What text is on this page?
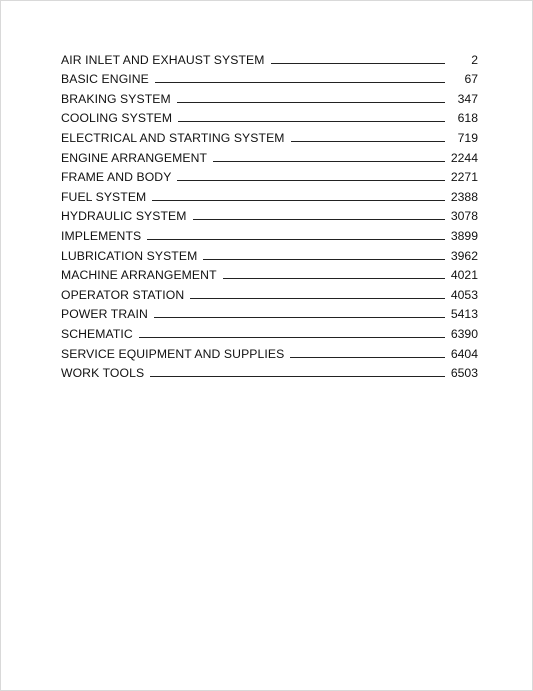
AIR INLET AND EXHAUST SYSTEM	2
BASIC ENGINE	67
BRAKING SYSTEM	347
COOLING SYSTEM	618
ELECTRICAL AND STARTING SYSTEM	719
ENGINE ARRANGEMENT	2244
FRAME AND BODY	2271
FUEL SYSTEM	2388
HYDRAULIC SYSTEM	3078
IMPLEMENTS	3899
LUBRICATION SYSTEM	3962
MACHINE ARRANGEMENT	4021
OPERATOR STATION	4053
POWER TRAIN	5413
SCHEMATIC	6390
SERVICE EQUIPMENT AND SUPPLIES	6404
WORK TOOLS	6503
